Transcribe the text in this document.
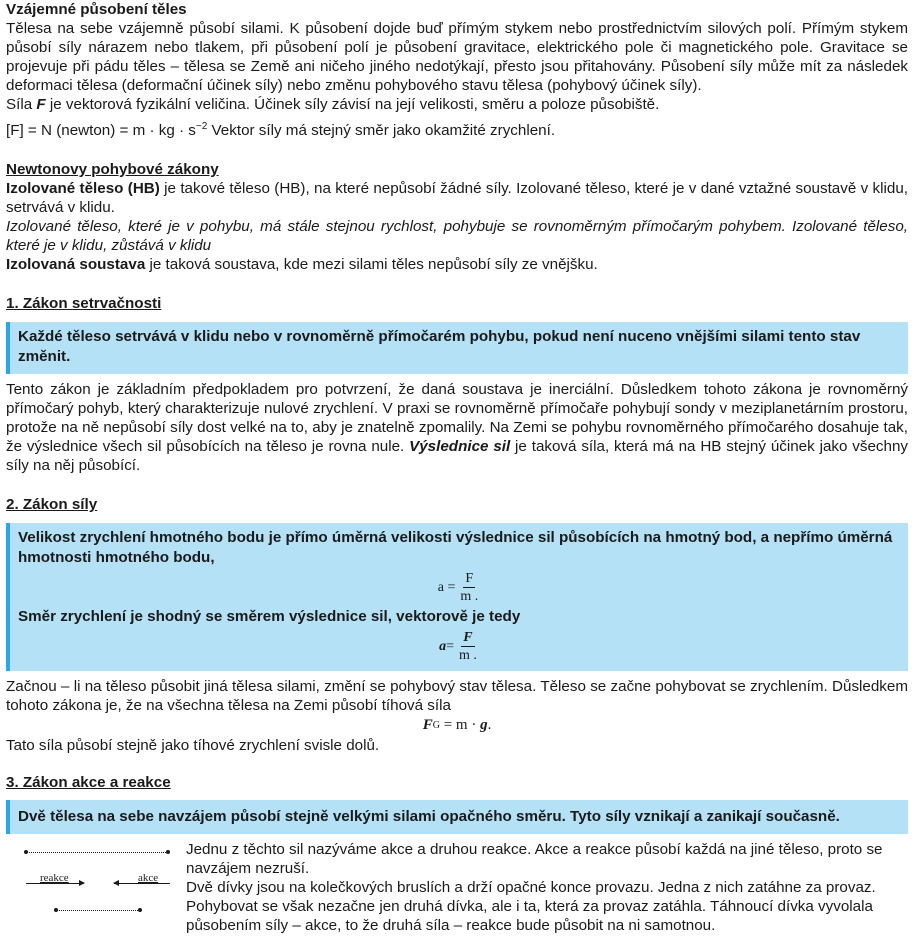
Vzájemné působení těles

Tělesa na sebe vzájemně působí silami. K působení dojde buď přímým stykem nebo prostřednictvím silových polí. Přímým stykem působí síly nárazem nebo tlakem, při působení polí je působení gravitace, elektrického pole či magnetického pole. Gravitace se projevuje při pádu těles – tělesa se Země ani ničeho jiného nedotýkají, přesto jsou přitahovány. Působení síly může mít za následek deformaci tělesa (deformační účinek síly) nebo změnu pohybového stavu tělesa (pohybový účinek síly).

Síla F je vektorová fyzikální veličina. Účinek síly závisí na její velikosti, směru a poloze působiště.

[F] = N (newton) = m · kg · $s^{-2}$ Vektor síly má stejný směr jako okamžité zrychlení.

Newtonovy pohybové zákony

Izolované těleso (HB) je takové těleso (HB), na které nepůsobí žádné síly. Izolované těleso, které je v dané vztažné soustavě v klidu, setrvává v klidu.

Izolované těleso, které je v pohybu, má stále stejnou rychlost, pohybuje se rovnoměrným přímočarým pohybem. Izolované těleso, které je v klidu, zůstává v klidu

Izolovaná soustava je taková soustava, kde mezi silami těles nepůsobí síly ze vnějšku.

1. Zákon setrvačnosti

Každé těleso setrvává v klidu nebo v rovnoměrně přímočarém pohybu, pokud není nuceno vnějšími silami tento stav změnit.

Tento zákon je základním předpokladem pro potvrzení, že daná soustava je inerciální. Důsledkem tohoto zákona je rovnoměrný přímočarý pohyb, který charakterizuje nulové zrychlení. V praxi se rovnoměrně přímočaře pohybují sondy v meziplanetárním prostoru, protože na ně nepůsobí síly dost velké na to, aby je znatelně zpomalily. Na Zemi se pohybu rovnoměrného přímočarého dosahuje tak, že výslednice všech sil působících na těleso je rovna nule. Výslednice sil je taková síla, která má na HB stejný účinek jako všechny síly na něj působící.

2. Zákon síly

Velikost zrychlení hmotného bodu je přímo úměrná velikosti výslednice sil působících na hmotný bod, a nepřímo úměrná hmotnosti hmotného bodu,

$a = \frac{F}{m .}$

Směr zrychlení je shodný se směrem výslednice sil, vektorově je tedy

$a = \frac{F}{m .}$

Začnou – li na těleso působit jiná tělesa silami, změní se pohybový stav tělesa. Těleso se začne pohybovat se zrychlením. Důsledkem tohoto zákona je, že na všechna tělesa na Zemi působí tíhová síla

F G = m · g .

Tato síla působí stejně jako tíhové zrychlení svisle dolů.

3. Zákon akce a reakce

Dvě tělesa na sebe navzájem působí stejně velkými silami opačného směru. Tyto síly vznikají a zanikají současně.

reakce	akce

Jednu z těchto sil nazýváme akce a druhou reakce. Akce a reakce působí každá na jiné těleso, proto se navzájem nezruší.

Dvě dívky jsou na kolečkových bruslích a drží opačné konce provazu. Jedna z nich zatáhne za provaz. Pohybovat se však nezačne jen druhá dívka, ale i ta, která za provaz zatáhla. Táhnoucí dívka vyvolala působením síly – akce, to že druhá síla – reakce bude působit na ni samotnou.
